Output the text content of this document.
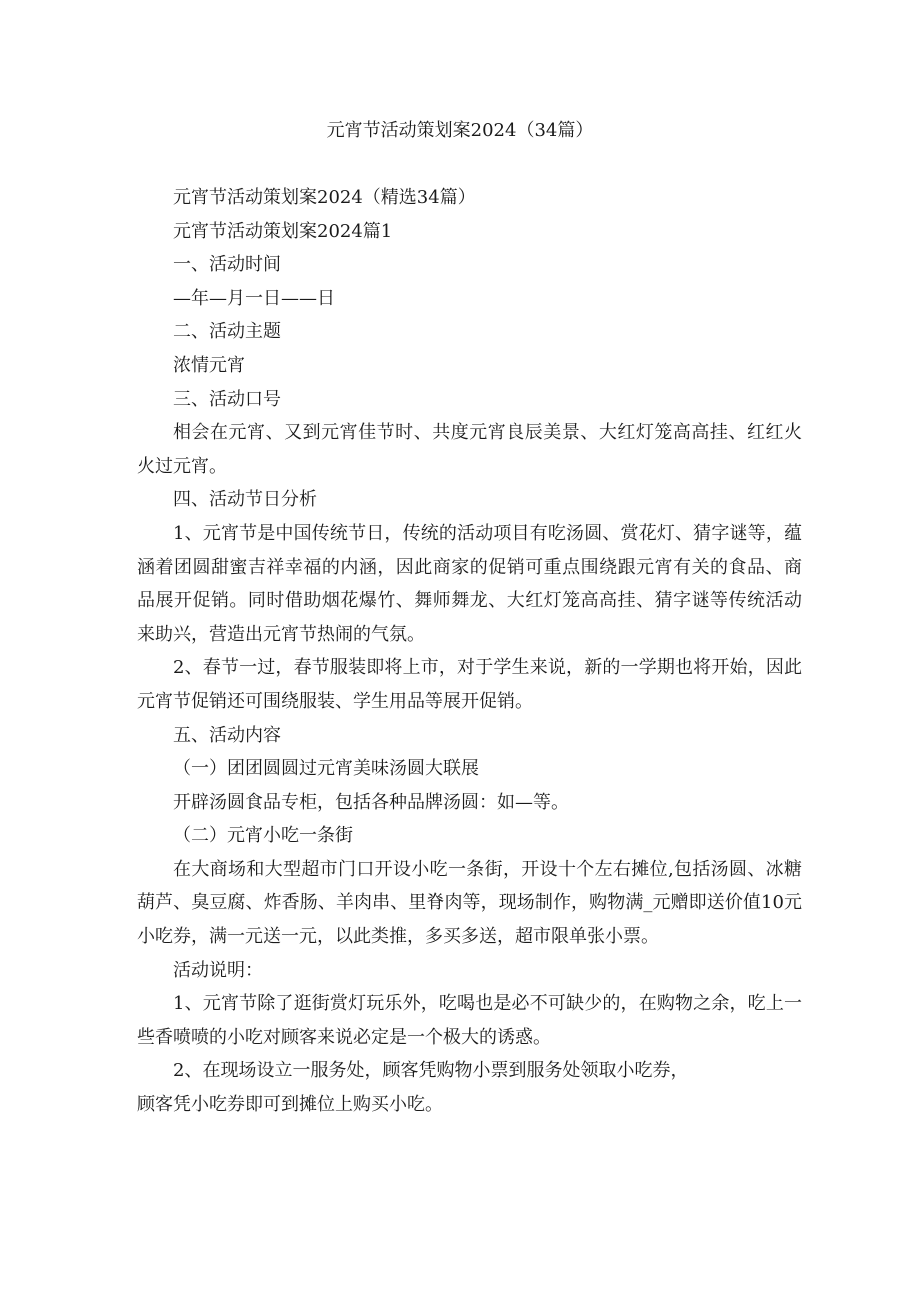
元宵节活动策划案2024（34篇）

元宵节活动策划案2024（精选34篇）

元宵节活动策划案2024篇1

一、活动时间

—年—月一日——日

二、活动主题

浓情元宵

三、活动口号

相会在元宵、又到元宵佳节时、共度元宵良辰美景、大红灯笼高高挂、红红火火过元宵。

四、活动节日分析

1、元宵节是中国传统节日，传统的活动项目有吃汤圆、赏花灯、猜字谜等，蕴涵着团圆甜蜜吉祥幸福的内涵，因此商家的促销可重点围绕跟元宵有关的食品、商品展开促销。同时借助烟花爆竹、舞师舞龙、大红灯笼高高挂、猜字谜等传统活动来助兴，营造出元宵节热闹的气氛。

2、春节一过，春节服装即将上市，对于学生来说，新的一学期也将开始，因此元宵节促销还可围绕服装、学生用品等展开促销。

五、活动内容

（一）团团圆圆过元宵美味汤圆大联展

开辟汤圆食品专柜，包括各种品牌汤圆：如—等。

（二）元宵小吃一条街

在大商场和大型超市门口开设小吃一条街，开设十个左右摊位,包括汤圆、冰糖葫芦、臭豆腐、炸香肠、羊肉串、里脊肉等，现场制作，购物满_元赠即送价值10元小吃券，满一元送一元，以此类推，多买多送，超市限单张小票。

活动说明：

1、元宵节除了逛街赏灯玩乐外，吃喝也是必不可缺少的，在购物之余，吃上一些香喷喷的小吃对顾客来说必定是一个极大的诱惑。

2、在现场设立一服务处，顾客凭购物小票到服务处领取小吃券，

顾客凭小吃券即可到摊位上购买小吃。
